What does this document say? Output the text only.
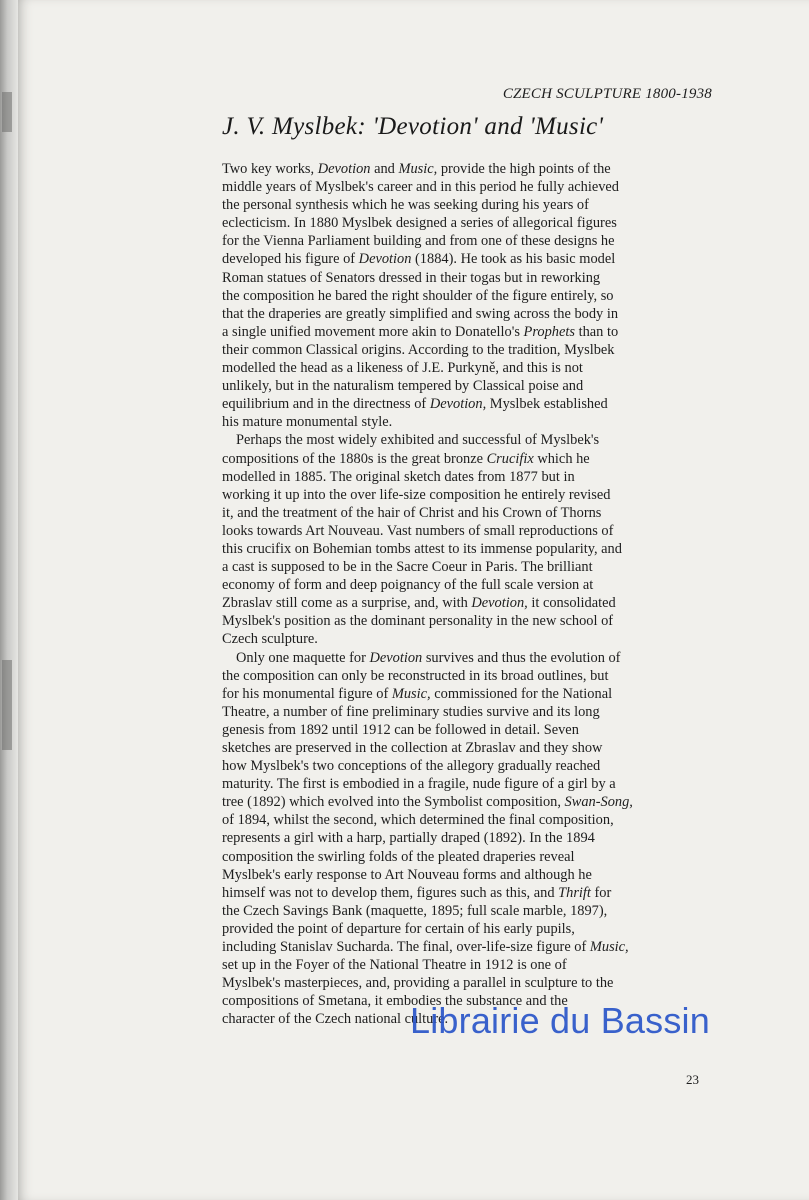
CZECH SCULPTURE 1800-1938
J. V. Myslbek: 'Devotion' and 'Music'
Two key works, Devotion and Music, provide the high points of the
middle years of Myslbek's career and in this period he fully achieved
the personal synthesis which he was seeking during his years of
eclecticism. In 1880 Myslbek designed a series of allegorical figures
for the Vienna Parliament building and from one of these designs he
developed his figure of Devotion (1884). He took as his basic model
Roman statues of Senators dressed in their togas but in reworking
the composition he bared the right shoulder of the figure entirely, so
that the draperies are greatly simplified and swing across the body in
a single unified movement more akin to Donatello's Prophets than to
their common Classical origins. According to the tradition, Myslbek
modelled the head as a likeness of J.E. Purkyně, and this is not
unlikely, but in the naturalism tempered by Classical poise and
equilibrium and in the directness of Devotion, Myslbek established
his mature monumental style.
Perhaps the most widely exhibited and successful of Myslbek's
compositions of the 1880s is the great bronze Crucifix which he
modelled in 1885. The original sketch dates from 1877 but in
working it up into the over life-size composition he entirely revised
it, and the treatment of the hair of Christ and his Crown of Thorns
looks towards Art Nouveau. Vast numbers of small reproductions of
this crucifix on Bohemian tombs attest to its immense popularity, and
a cast is supposed to be in the Sacre Coeur in Paris. The brilliant
economy of form and deep poignancy of the full scale version at
Zbraslav still come as a surprise, and, with Devotion, it consolidated
Myslbek's position as the dominant personality in the new school of
Czech sculpture.
Only one maquette for Devotion survives and thus the evolution of
the composition can only be reconstructed in its broad outlines, but
for his monumental figure of Music, commissioned for the National
Theatre, a number of fine preliminary studies survive and its long
genesis from 1892 until 1912 can be followed in detail. Seven
sketches are preserved in the collection at Zbraslav and they show
how Myslbek's two conceptions of the allegory gradually reached
maturity. The first is embodied in a fragile, nude figure of a girl by a
tree (1892) which evolved into the Symbolist composition, Swan-Song,
of 1894, whilst the second, which determined the final composition,
represents a girl with a harp, partially draped (1892). In the 1894
composition the swirling folds of the pleated draperies reveal
Myslbek's early response to Art Nouveau forms and although he
himself was not to develop them, figures such as this, and Thrift for
the Czech Savings Bank (maquette, 1895; full scale marble, 1897),
provided the point of departure for certain of his early pupils,
including Stanislav Sucharda. The final, over-life-size figure of Music,
set up in the Foyer of the National Theatre in 1912 is one of
Myslbek's masterpieces, and, providing a parallel in sculpture to the
compositions of Smetana, it embodies the substance and the
character of the Czech national culture.
Librairie du Bassin
23
